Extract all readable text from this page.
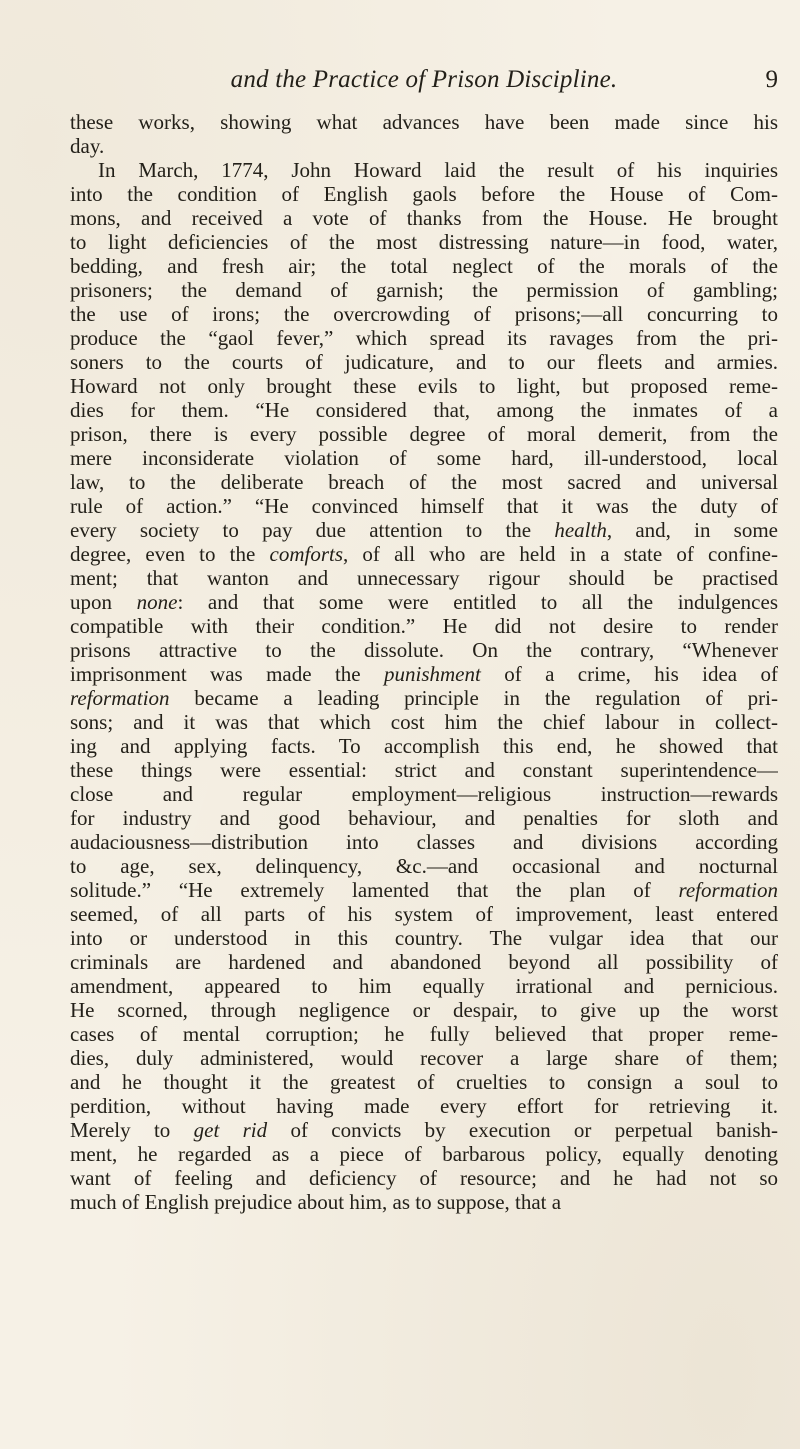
and the Practice of Prison Discipline.	9
these works, showing what advances have been made since his
day.
In March, 1774, John Howard laid the result of his inquiries
into the condition of English gaols before the House of Com-
mons, and received a vote of thanks from the House. He brought
to light deficiencies of the most distressing nature—in food, water,
bedding, and fresh air; the total neglect of the morals of the
prisoners; the demand of garnish; the permission of gambling;
the use of irons; the overcrowding of prisons;—all concurring to
produce the “gaol fever,” which spread its ravages from the pri-
soners to the courts of judicature, and to our fleets and armies.
Howard not only brought these evils to light, but proposed reme-
dies for them. “He considered that, among the inmates of a
prison, there is every possible degree of moral demerit, from the
mere inconsiderate violation of some hard, ill-understood, local
law, to the deliberate breach of the most sacred and universal
rule of action.” “He convinced himself that it was the duty of
every society to pay due attention to the health, and, in some
degree, even to the comforts, of all who are held in a state of confine-
ment; that wanton and unnecessary rigour should be practised
upon none: and that some were entitled to all the indulgences
compatible with their condition.” He did not desire to render
prisons attractive to the dissolute. On the contrary, “Whenever
imprisonment was made the punishment of a crime, his idea of
reformation became a leading principle in the regulation of pri-
sons; and it was that which cost him the chief labour in collect-
ing and applying facts. To accomplish this end, he showed that
these things were essential: strict and constant superintendence—
close and regular employment—religious instruction—rewards
for industry and good behaviour, and penalties for sloth and
audaciousness—distribution into classes and divisions according
to age, sex, delinquency, &c.—and occasional and nocturnal
solitude.” “He extremely lamented that the plan of reformation
seemed, of all parts of his system of improvement, least entered
into or understood in this country. The vulgar idea that our
criminals are hardened and abandoned beyond all possibility of
amendment, appeared to him equally irrational and pernicious.
He scorned, through negligence or despair, to give up the worst
cases of mental corruption; he fully believed that proper reme-
dies, duly administered, would recover a large share of them;
and he thought it the greatest of cruelties to consign a soul to
perdition, without having made every effort for retrieving it.
Merely to get rid of convicts by execution or perpetual banish-
ment, he regarded as a piece of barbarous policy, equally denoting
want of feeling and deficiency of resource; and he had not so
much of English prejudice about him, as to suppose, that a
